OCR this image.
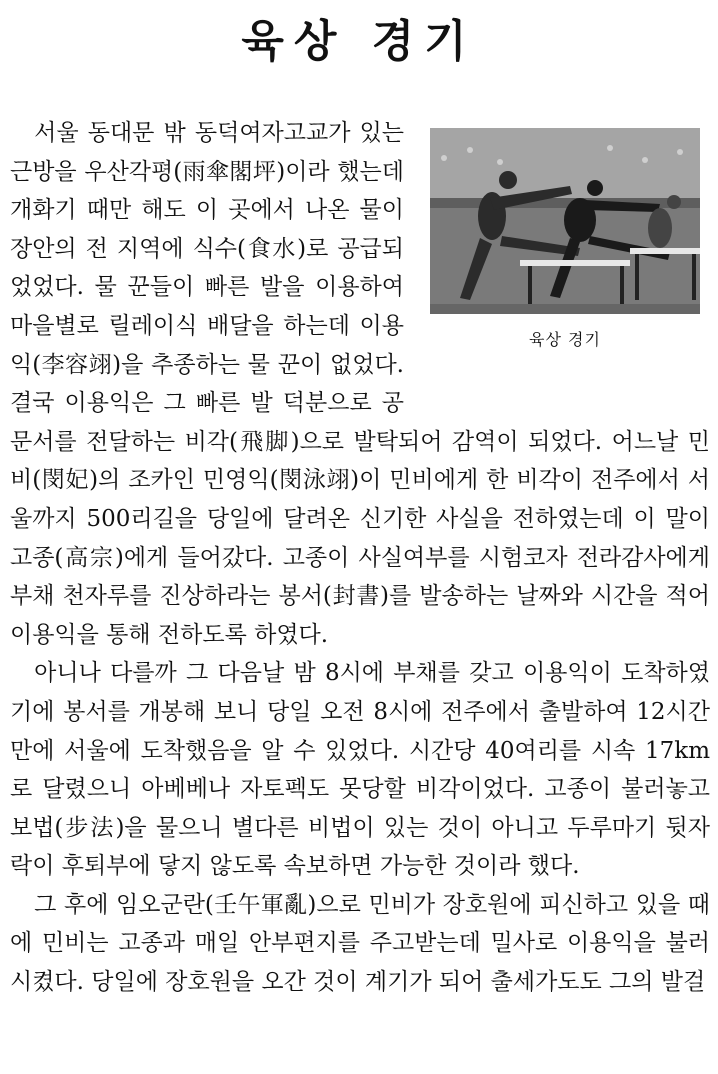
육상 경기

육상 경기
서울 동대문 밖 동덕여자고교가 있는 근방을 우산각평(雨傘閣坪)이라 했는데 개화기 때만 해도 이 곳에서 나온 물이 장안의 전 지역에 식수(食水)로 공급되었었다. 물 꾼들이 빠른 발을 이용하여 마을별로 릴레이식 배달을 하는데 이용익(李容翊)을 추종하는 물 꾼이 없었다. 결국 이용익은 그 빠른 발 덕분으로 공문서를 전달하는 비각(飛脚)으로 발탁되어 감역이 되었다. 어느날 민비(閔妃)의 조카인 민영익(閔泳翊)이 민비에게 한 비각이 전주에서 서울까지 500리길을 당일에 달려온 신기한 사실을 전하였는데 이 말이 고종(高宗)에게 들어갔다. 고종이 사실여부를 시험코자 전라감사에게 부채 천자루를 진상하라는 봉서(封書)를 발송하는 날짜와 시간을 적어 이용익을 통해 전하도록 하였다.

아니나 다를까 그 다음날 밤 8시에 부채를 갖고 이용익이 도착하였기에 봉서를 개봉해 보니 당일 오전 8시에 전주에서 출발하여 12시간 만에 서울에 도착했음을 알 수 있었다. 시간당 40여리를 시속 17km로 달렸으니 아베베나 자토펙도 못당할 비각이었다. 고종이 불러놓고 보법(步法)을 물으니 별다른 비법이 있는 것이 아니고 두루마기 뒷자락이 후퇴부에 닿지 않도록 속보하면 가능한 것이라 했다.

그 후에 임오군란(壬午軍亂)으로 민비가 장호원에 피신하고 있을 때에 민비는 고종과 매일 안부편지를 주고받는데 밀사로 이용익을 불러 시켰다. 당일에 장호원을 오간 것이 계기가 되어 출세가도도 그의 발걸
